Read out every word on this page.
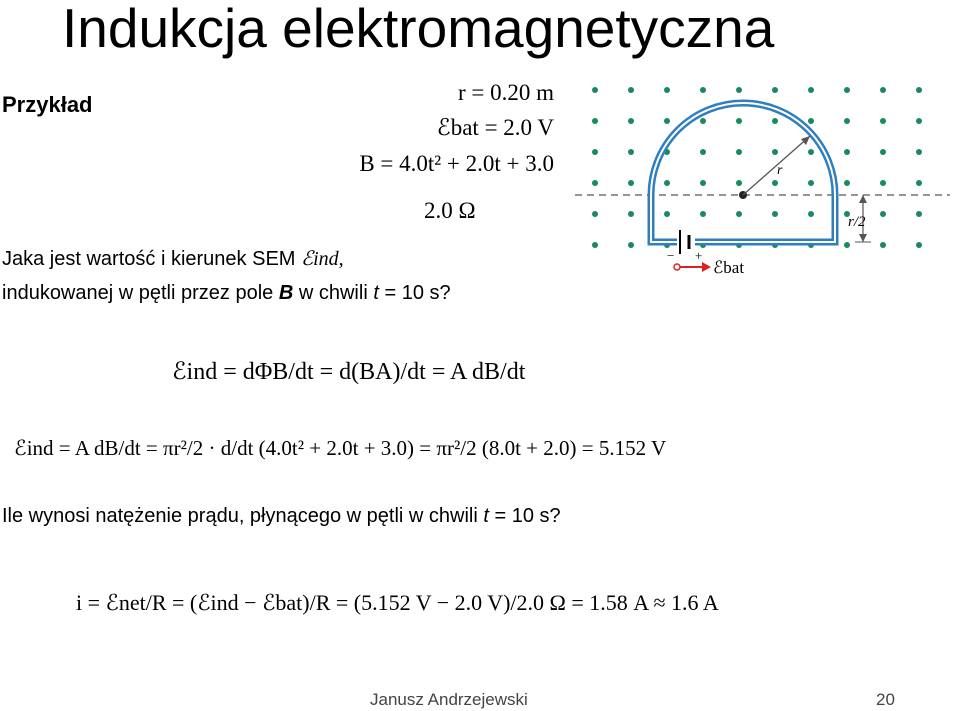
Indukcja elektromagnetyczna
Przykład	r = 0.20 m
ℰbat = 2.0 V
B = 4.0t² + 2.0t + 3.0
2.0 Ω
− +
r
r/2
ℰbat
Jaka jest wartość i kierunek SEM ℰind,
indukowanej w pętli przez pole B w chwili t = 10 s?
ℰind = dΦB/dt = d(BA)/dt = A dB/dt
ℰind = A dB/dt = πr²/2 · d/dt (4.0t² + 2.0t + 3.0) = πr²/2 (8.0t + 2.0) = 5.152 V
Ile wynosi natężenie prądu, płynącego w pętli w chwili t = 10 s?
i = ℰnet/R = (ℰind − ℰbat)/R = (5.152 V − 2.0 V)/2.0 Ω = 1.58 A ≈ 1.6 A
Janusz Andrzejewski	20
